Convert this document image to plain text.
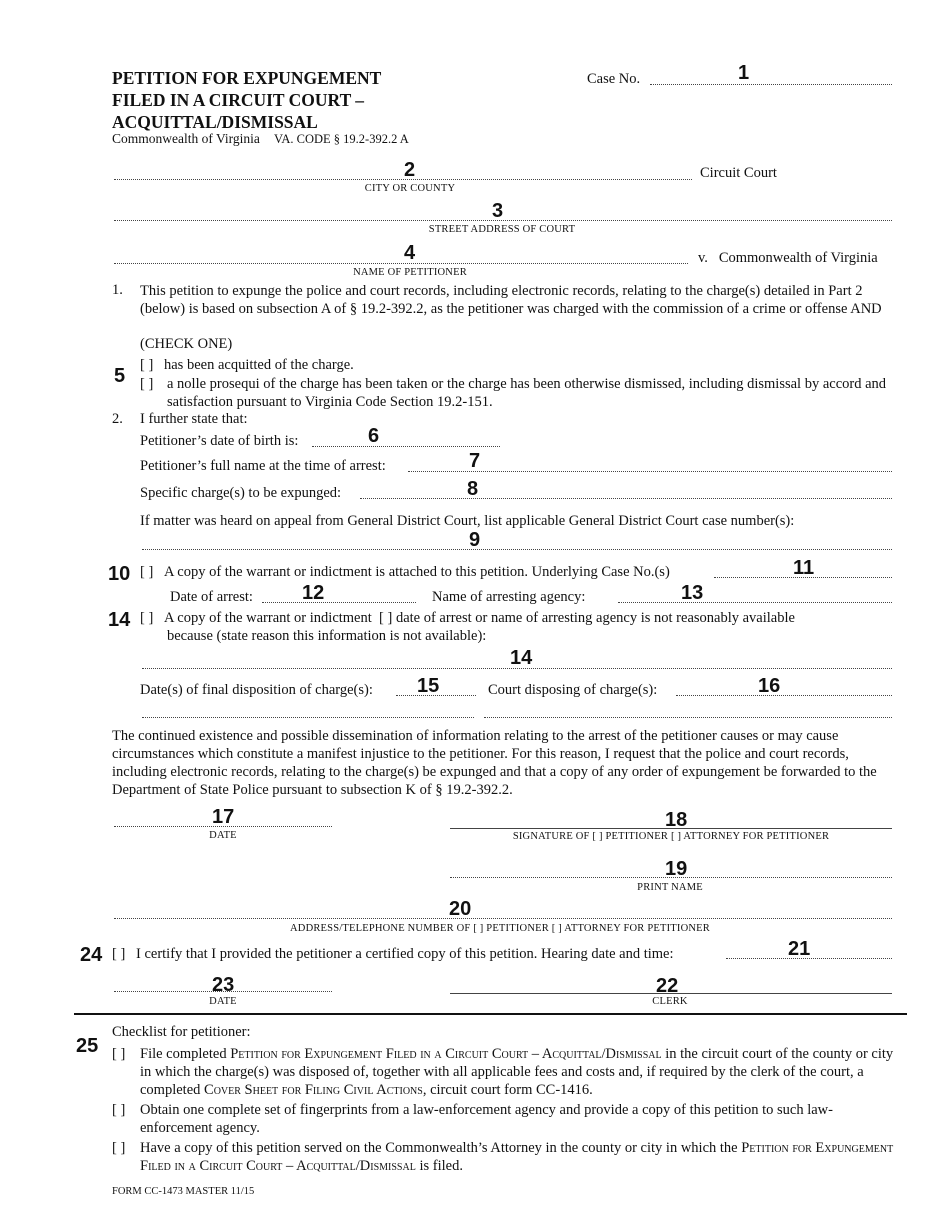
PETITION FOR EXPUNGEMENT
FILED IN A CIRCUIT COURT –
ACQUITTAL/DISMISSAL
Commonwealth of Virginia VA. CODE § 19.2-392.2 A
Case No.	1
2	Circuit Court
CITY OR COUNTY
3
STREET ADDRESS OF COURT
4	v. Commonwealth of Virginia
NAME OF PETITIONER
1. This petition to expunge the police and court records, including electronic records, relating to the charge(s) detailed in Part 2 (below) is based on subsection A of § 19.2-392.2, as the petitioner was charged with the commission of a crime or offense AND
(CHECK ONE)
5 [ ] has been acquitted of the charge.
[ ] a nolle prosequi of the charge has been taken or the charge has been otherwise dismissed, including dismissal by accord and satisfaction pursuant to Virginia Code Section 19.2-151.
2. I further state that:
Petitioner’s date of birth is:	6
Petitioner’s full name at the time of arrest:	7
Specific charge(s) to be expunged:	8
If matter was heard on appeal from General District Court, list applicable General District Court case number(s):
9
10 [ ] A copy of the warrant or indictment is attached to this petition. Underlying Case No.(s)	11
Date of arrest: 12	Name of arresting agency:	13
14 [ ] A copy of the warrant or indictment [ ] date of arrest or name of arresting agency is not reasonably available
because (state reason this information is not available):
14
Date(s) of final disposition of charge(s): 15	Court disposing of charge(s):	16
The continued existence and possible dissemination of information relating to the arrest of the petitioner causes or may cause circumstances which constitute a manifest injustice to the petitioner. For this reason, I request that the police and court records, including electronic records, relating to the charge(s) be expunged and that a copy of any order of expungement be forwarded to the Department of State Police pursuant to subsection K of § 19.2-392.2.
17
DATE
18
SIGNATURE OF [ ] PETITIONER [ ] ATTORNEY FOR PETITIONER
19
PRINT NAME
20
ADDRESS/TELEPHONE NUMBER OF [ ] PETITIONER [ ] ATTORNEY FOR PETITIONER
24 [ ] I certify that I provided the petitioner a certified copy of this petition. Hearing date and time:	21
23
DATE
22
CLERK
25
Checklist for petitioner:
[ ]	File completed Petition for Expungement Filed in a Circuit Court – Acquittal/Dismissal in the circuit court of the county or city in which the charge(s) was disposed of, together with all applicable fees and costs and, if required by the clerk of the court, a completed Cover Sheet for Filing Civil Actions, circuit court form CC-1416.
[ ]	Obtain one complete set of fingerprints from a law-enforcement agency and provide a copy of this petition to such law-enforcement agency.
[ ]	Have a copy of this petition served on the Commonwealth’s Attorney in the county or city in which the Petition for Expungement Filed in a Circuit Court – Acquittal/Dismissal is filed.
FORM CC-1473 MASTER 11/15
